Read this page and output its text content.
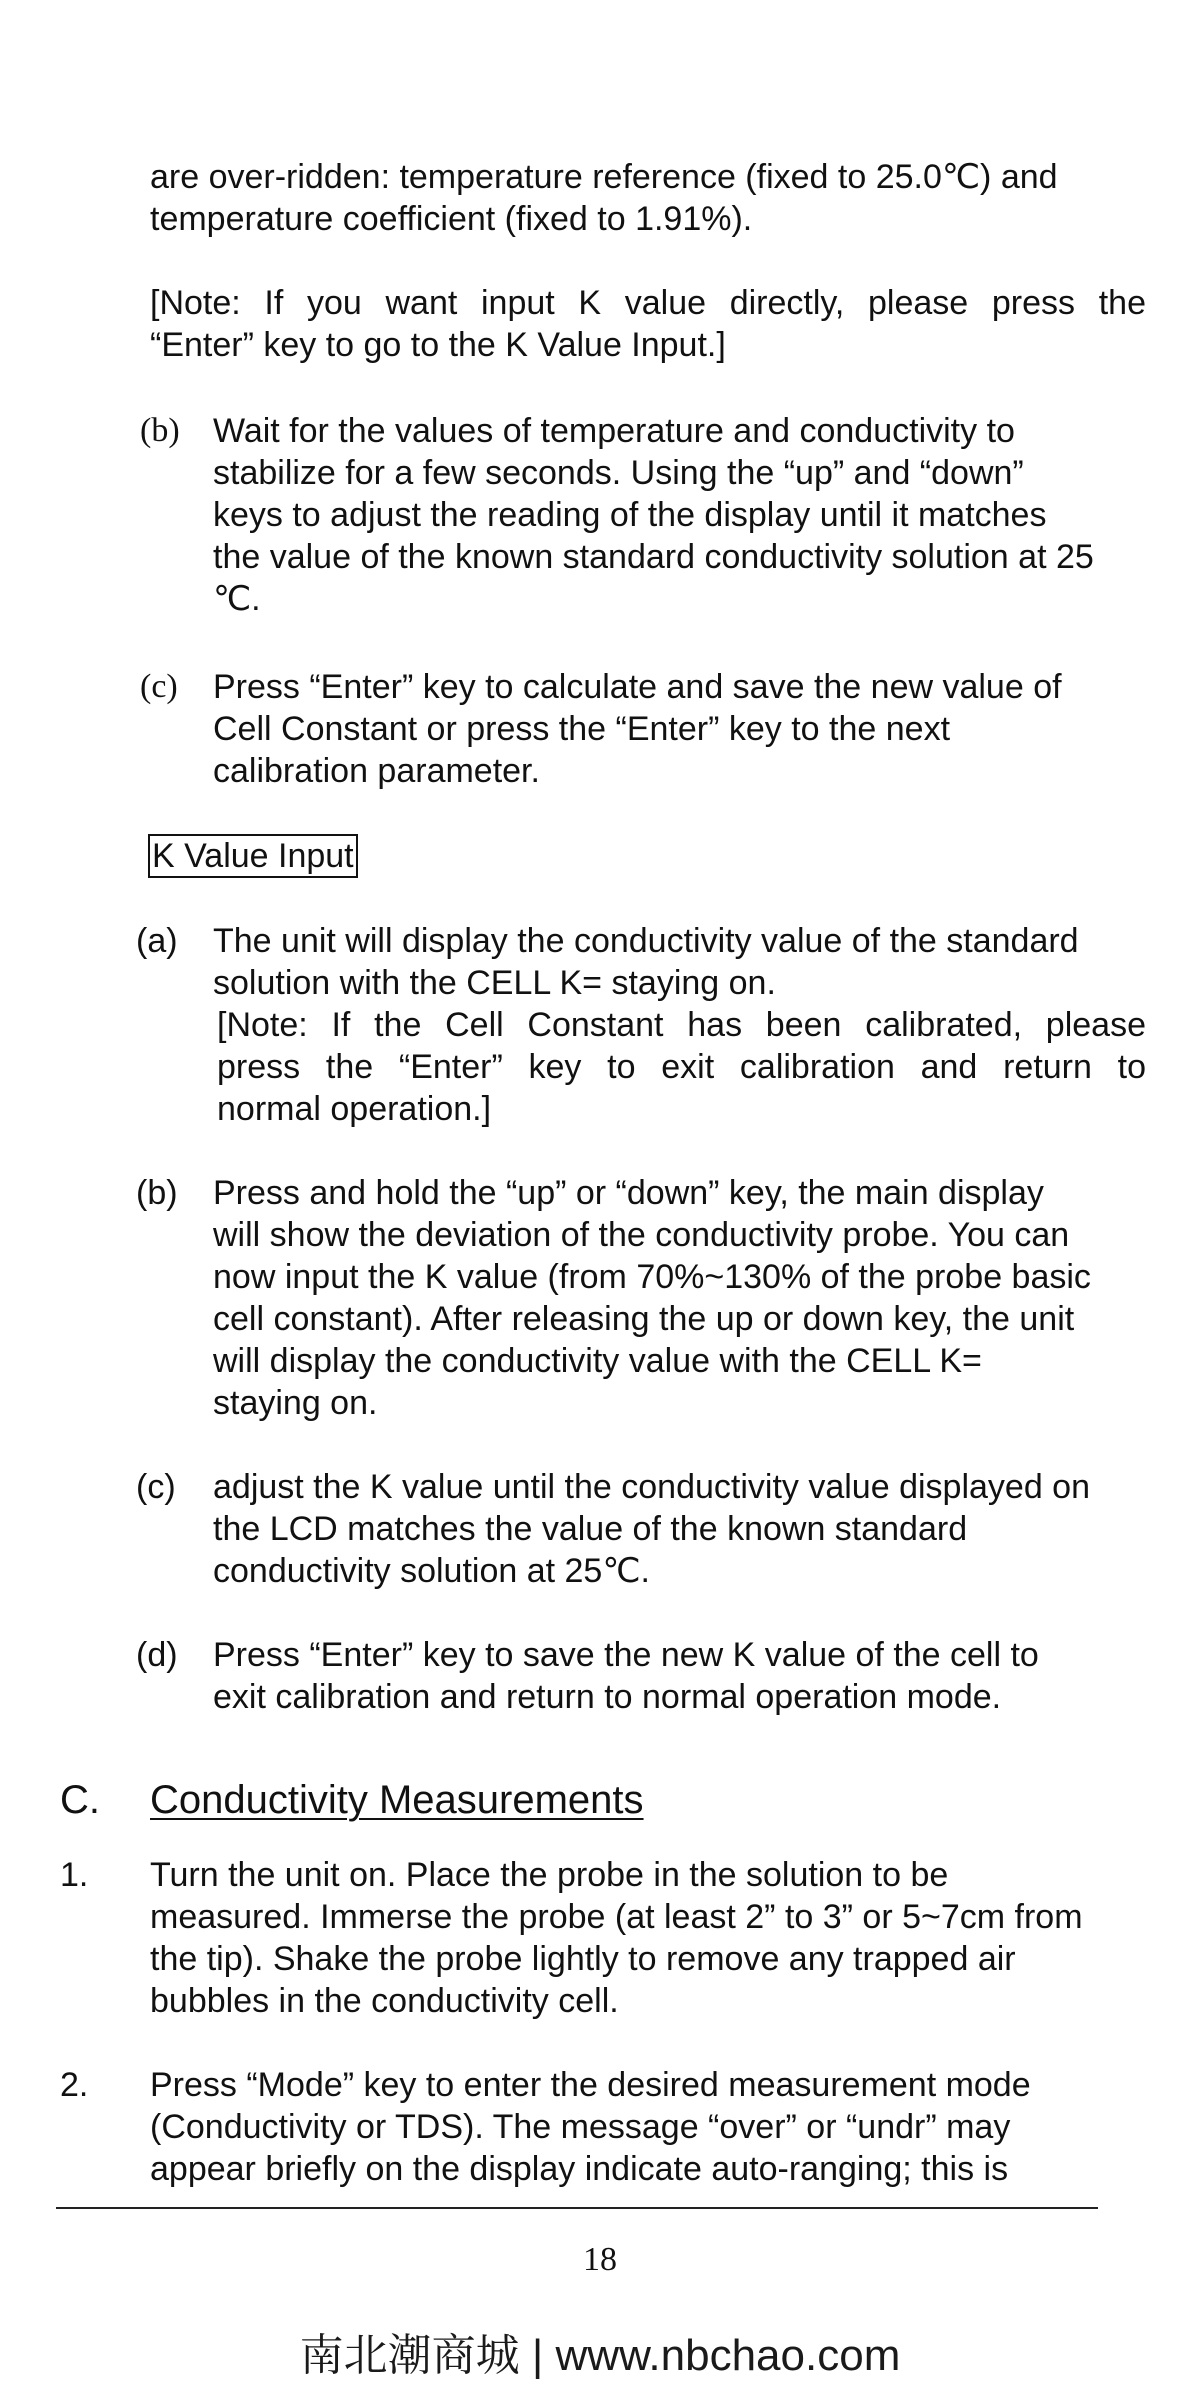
are over-ridden: temperature reference (fixed to 25.0℃) and
temperature coefficient (fixed to 1.91%).
[Note: If you want input K value directly, please press the
“Enter” key to go to the K Value Input.]
(b) Wait for the values of temperature and conductivity to
stabilize for a few seconds. Using the “up” and “down”
keys to adjust the reading of the display until it matches
the value of the known standard conductivity solution at 25
℃.
(c) Press “Enter” key to calculate and save the new value of
Cell Constant or press the “Enter” key to the next
calibration parameter.
K Value Input
(a) The unit will display the conductivity value of the standard
solution with the CELL K= staying on.
[Note: If the Cell Constant has been calibrated, please
press the “Enter” key to exit calibration and return to
normal operation.]
(b) Press and hold the “up” or “down” key, the main display
will show the deviation of the conductivity probe. You can
now input the K value (from 70%~130% of the probe basic
cell constant). After releasing the up or down key, the unit
will display the conductivity value with the CELL K=
staying on.
(c) adjust the K value until the conductivity value displayed on
the LCD matches the value of the known standard
conductivity solution at 25℃.
(d) Press “Enter” key to save the new K value of the cell to
exit calibration and return to normal operation mode.
C. Conductivity Measurements
1. Turn the unit on. Place the probe in the solution to be
measured. Immerse the probe (at least 2” to 3” or 5~7cm from
the tip). Shake the probe lightly to remove any trapped air
bubbles in the conductivity cell.
2. Press “Mode” key to enter the desired measurement mode
(Conductivity or TDS). The message “over” or “undr” may
appear briefly on the display indicate auto-ranging; this is
18
南北潮商城 | www.nbchao.com
